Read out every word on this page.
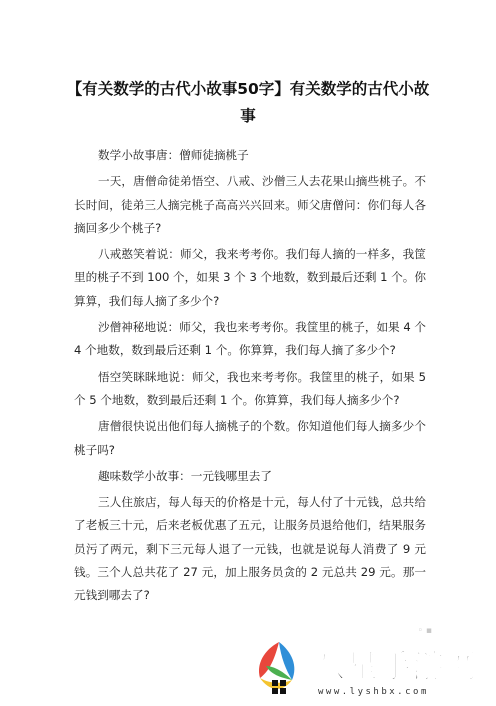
【有关数学的古代小故事50字】有关数学的古代小故事

数学小故事唐：僧师徒摘桃子

一天，唐僧命徒弟悟空、八戒、沙僧三人去花果山摘些桃子。不长时间，徒弟三人摘完桃子高高兴兴回来。师父唐僧问：你们每人各摘回多少个桃子?

八戒憨笑着说：师父，我来考考你。我们每人摘的一样多，我筐里的桃子不到 100 个，如果 3 个 3 个地数，数到最后还剩 1 个。你算算，我们每人摘了多少个?

沙僧神秘地说：师父，我也来考考你。我筐里的桃子，如果 4 个 4 个地数，数到最后还剩 1 个。你算算，我们每人摘了多少个?

悟空笑眯眯地说：师父，我也来考考你。我筐里的桃子，如果 5 个 5 个地数，数到最后还剩 1 个。你算算，我们每人摘多少个?

唐僧很快说出他们每人摘桃子的个数。你知道他们每人摘多少个桃子吗?

趣味数学小故事：一元钱哪里去了

三人住旅店，每人每天的价格是十元，每人付了十元钱，总共给了老板三十元，后来老板优惠了五元，让服务员退给他们，结果服务员污了两元，剩下三元每人退了一元钱，也就是说每人消费了 9 元钱。三个人总共花了 27 元，加上服务员贪的 2 元总共 29 元。那一元钱到哪去了?

◦ ▪
八星手游网
www.lyshbx.com
